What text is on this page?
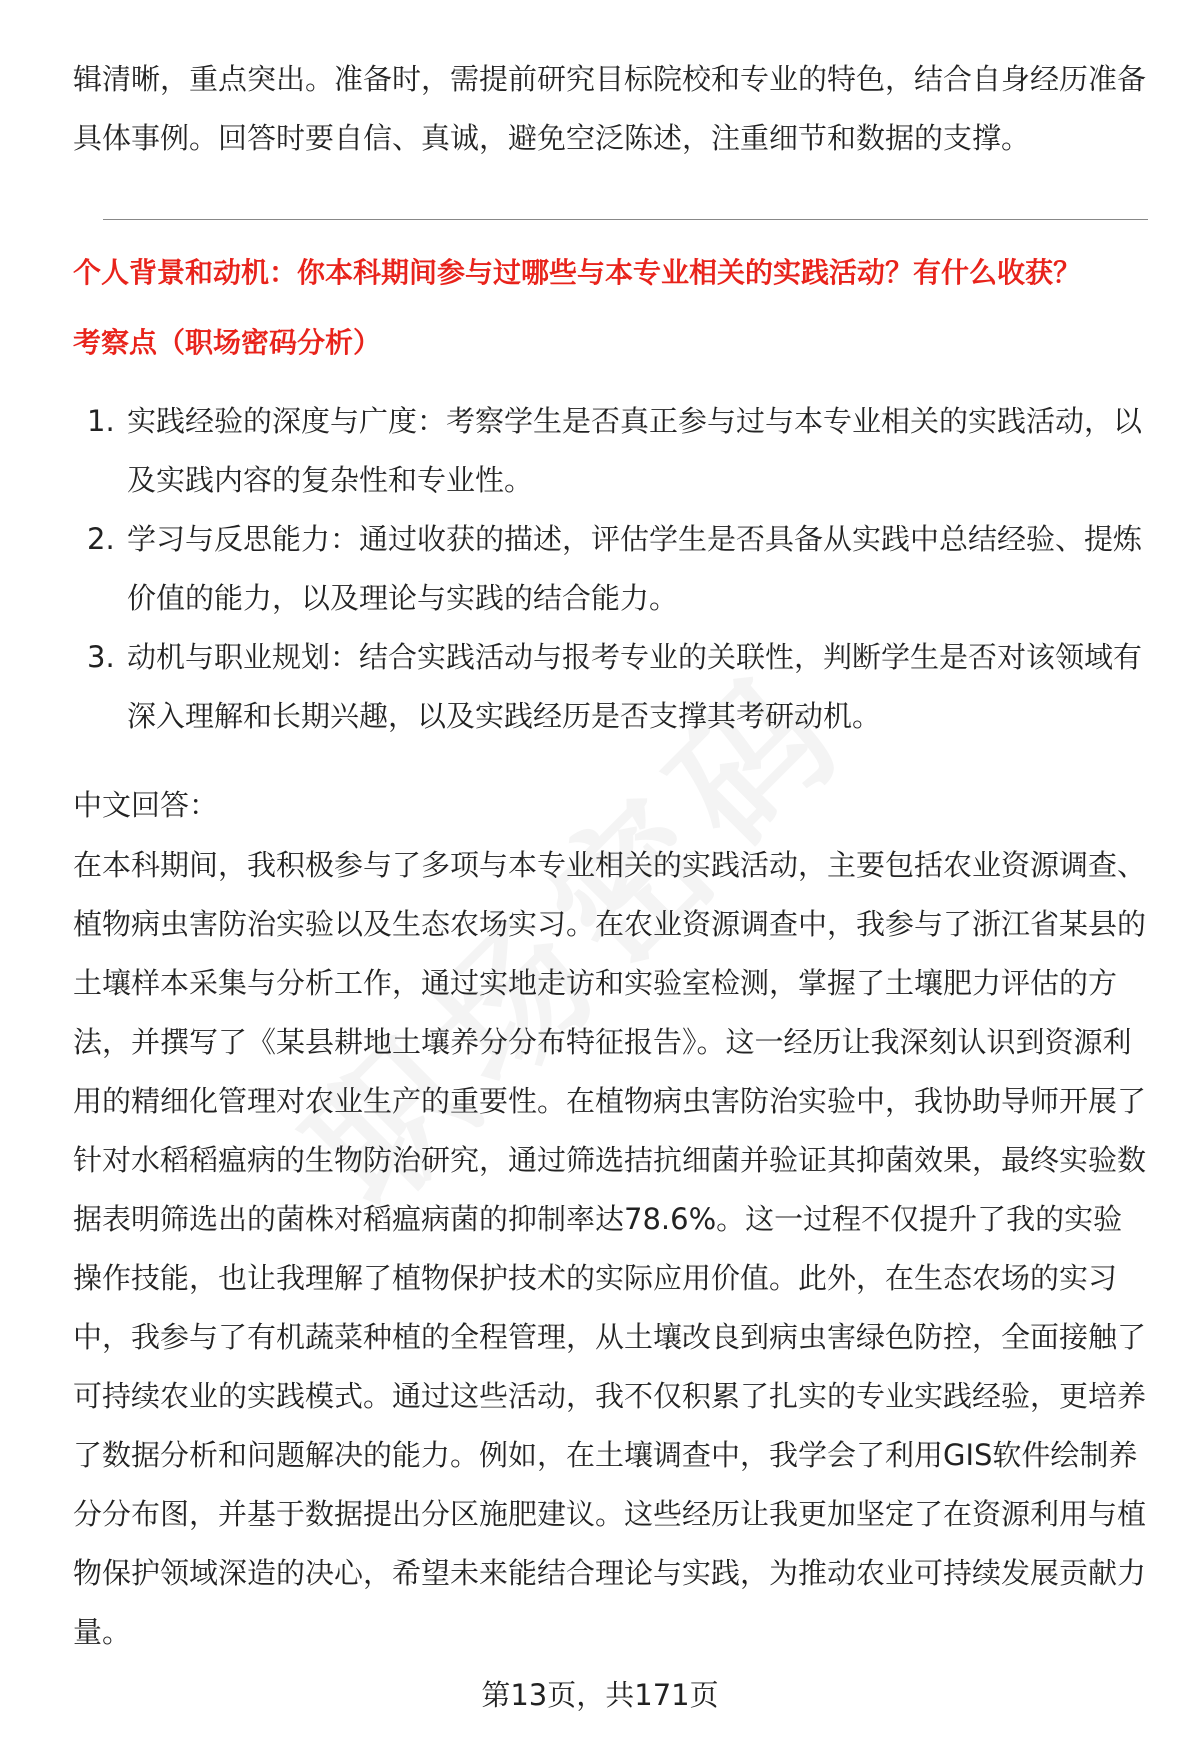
辑清晰，重点突出。准备时，需提前研究目标院校和专业的特色，结合自身经历准备具体事例。回答时要自信、真诚，避免空泛陈述，注重细节和数据的支撑。

个人背景和动机：你本科期间参与过哪些与本专业相关的实践活动？有什么收获？

考察点（职场密码分析）

1. 实践经验的深度与广度：考察学生是否真正参与过与本专业相关的实践活动，以及实践内容的复杂性和专业性。
2. 学习与反思能力：通过收获的描述，评估学生是否具备从实践中总结经验、提炼价值的能力，以及理论与实践的结合能力。
3. 动机与职业规划：结合实践活动与报考专业的关联性，判断学生是否对该领域有深入理解和长期兴趣，以及实践经历是否支撑其考研动机。

中文回答：

在本科期间，我积极参与了多项与本专业相关的实践活动，主要包括农业资源调查、植物病虫害防治实验以及生态农场实习。在农业资源调查中，我参与了浙江省某县的土壤样本采集与分析工作，通过实地走访和实验室检测，掌握了土壤肥力评估的方法，并撰写了《某县耕地土壤养分分布特征报告》。这一经历让我深刻认识到资源利用的精细化管理对农业生产的重要性。在植物病虫害防治实验中，我协助导师开展了针对水稻稻瘟病的生物防治研究，通过筛选拮抗细菌并验证其抑菌效果，最终实验数据表明筛选出的菌株对稻瘟病菌的抑制率达78.6%。这一过程不仅提升了我的实验操作技能，也让我理解了植物保护技术的实际应用价值。此外，在生态农场的实习中，我参与了有机蔬菜种植的全程管理，从土壤改良到病虫害绿色防控，全面接触了可持续农业的实践模式。通过这些活动，我不仅积累了扎实的专业实践经验，更培养了数据分析和问题解决的能力。例如，在土壤调查中，我学会了利用GIS软件绘制养分分布图，并基于数据提出分区施肥建议。这些经历让我更加坚定了在资源利用与植物保护领域深造的决心，希望未来能结合理论与实践，为推动农业可持续发展贡献力量。

第13页，共171页
